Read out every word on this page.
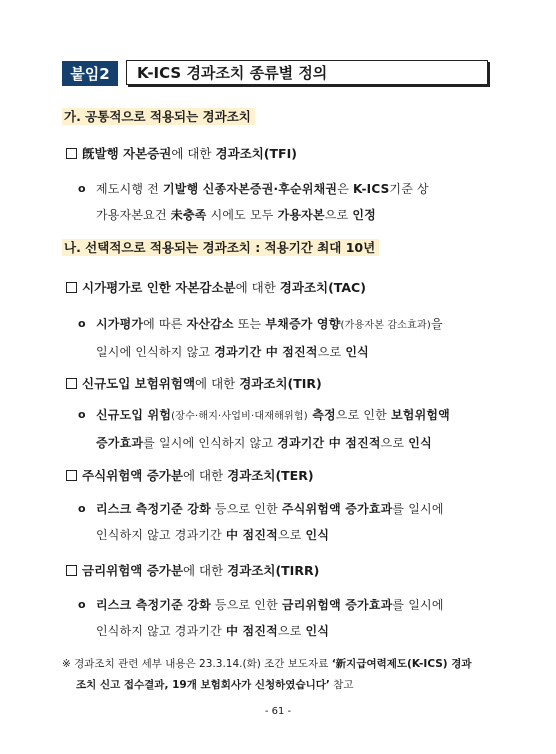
붙임2	K-ICS 경과조치 종류별 정의
가. 공통적으로 적용되는 경과조치
旣발행 자본증권에 대한 경과조치(TFI)
o 제도시행 전 기발행 신종자본증권·후순위채권은 K-ICS기준 상
가용자본요건 未충족 시에도 모두 가용자본으로 인정
나. 선택적으로 적용되는 경과조치 : 적용기간 최대 10년
시가평가로 인한 자본감소분에 대한 경과조치(TAC)
o 시가평가에 따른 자산감소 또는 부채증가 영향(가용자본 감소효과)을
일시에 인식하지 않고 경과기간 中 점진적으로 인식
신규도입 보험위험액에 대한 경과조치(TIR)
o 신규도입 위험(장수·해지·사업비·대재해위험) 측정으로 인한 보험위험액
증가효과를 일시에 인식하지 않고 경과기간 中 점진적으로 인식
주식위험액 증가분에 대한 경과조치(TER)
o 리스크 측정기준 강화 등으로 인한 주식위험액 증가효과를 일시에
인식하지 않고 경과기간 中 점진적으로 인식
금리위험액 증가분에 대한 경과조치(TIRR)
o 리스크 측정기준 강화 등으로 인한 금리위험액 증가효과를 일시에
인식하지 않고 경과기간 中 점진적으로 인식
※ 경과조치 관련 세부 내용은 23.3.14.(화) 조간 보도자료 ‘新지급여력제도(K-ICS) 경과
조치 신고 접수결과, 19개 보험회사가 신청하였습니다’ 참고
- 61 -
